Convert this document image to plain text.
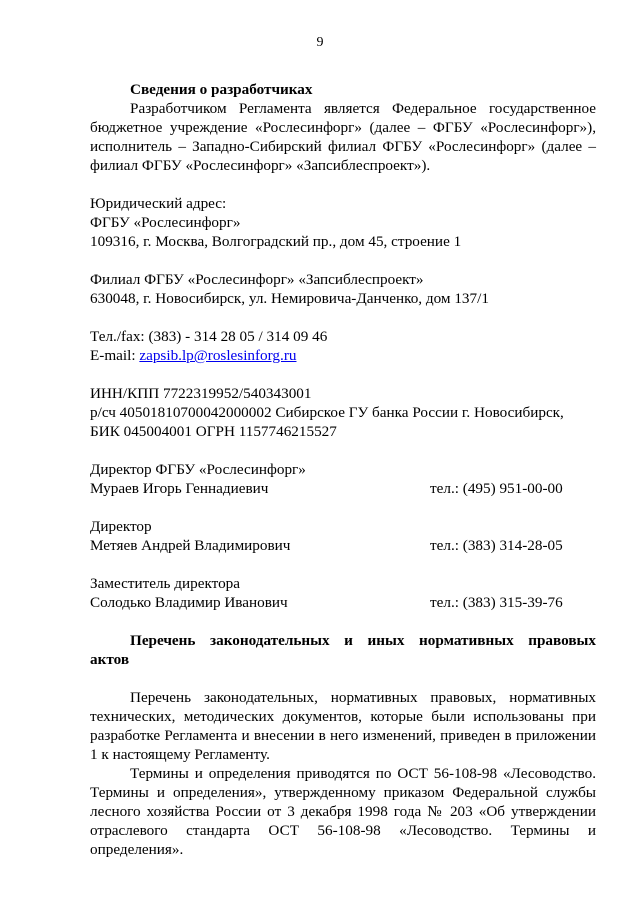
9

Сведения о разработчиках

Разработчиком Регламента является Федеральное государственное бюджетное учреждение «Рослесинфорг» (далее – ФГБУ «Рослесинфорг»), исполнитель – Западно-Сибирский филиал ФГБУ «Рослесинфорг» (далее – филиал ФГБУ «Рослесинфорг» «Запсиблеспроект»).

Юридический адрес:

ФГБУ «Рослесинфорг»

109316, г. Москва, Волгоградский пр., дом 45, строение 1

Филиал ФГБУ «Рослесинфорг» «Запсиблеспроект»

630048, г. Новосибирск, ул. Немировича-Данченко, дом 137/1

Тел./fax: (383) - 314 28 05 / 314 09 46

E-mail: zapsib.lp@roslesinforg.ru

ИНН/КПП 7722319952/540343001

р/сч 40501810700042000002 Сибирское ГУ банка России г. Новосибирск,

БИК 045004001 ОГРН 1157746215527

Директор ФГБУ «Рослесинфорг»

Мураев Игорь Геннадиевич	тел.: (495) 951-00-00

Директор

Метяев Андрей Владимирович	тел.: (383) 314-28-05

Заместитель директора

Солодько Владимир Иванович	тел.: (383) 315-39-76

Перечень законодательных и иных нормативных правовых

актов

Перечень законодательных, нормативных правовых, нормативных технических, методических документов, которые были использованы при разработке Регламента и внесении в него изменений, приведен в приложении 1 к настоящему Регламенту.

Термины и определения приводятся по ОСТ 56-108-98 «Лесоводство. Термины и определения», утвержденному приказом Федеральной службы лесного хозяйства России от 3 декабря 1998 года № 203 «Об утверждении отраслевого стандарта ОСТ 56-108-98 «Лесоводство. Термины и определения».
